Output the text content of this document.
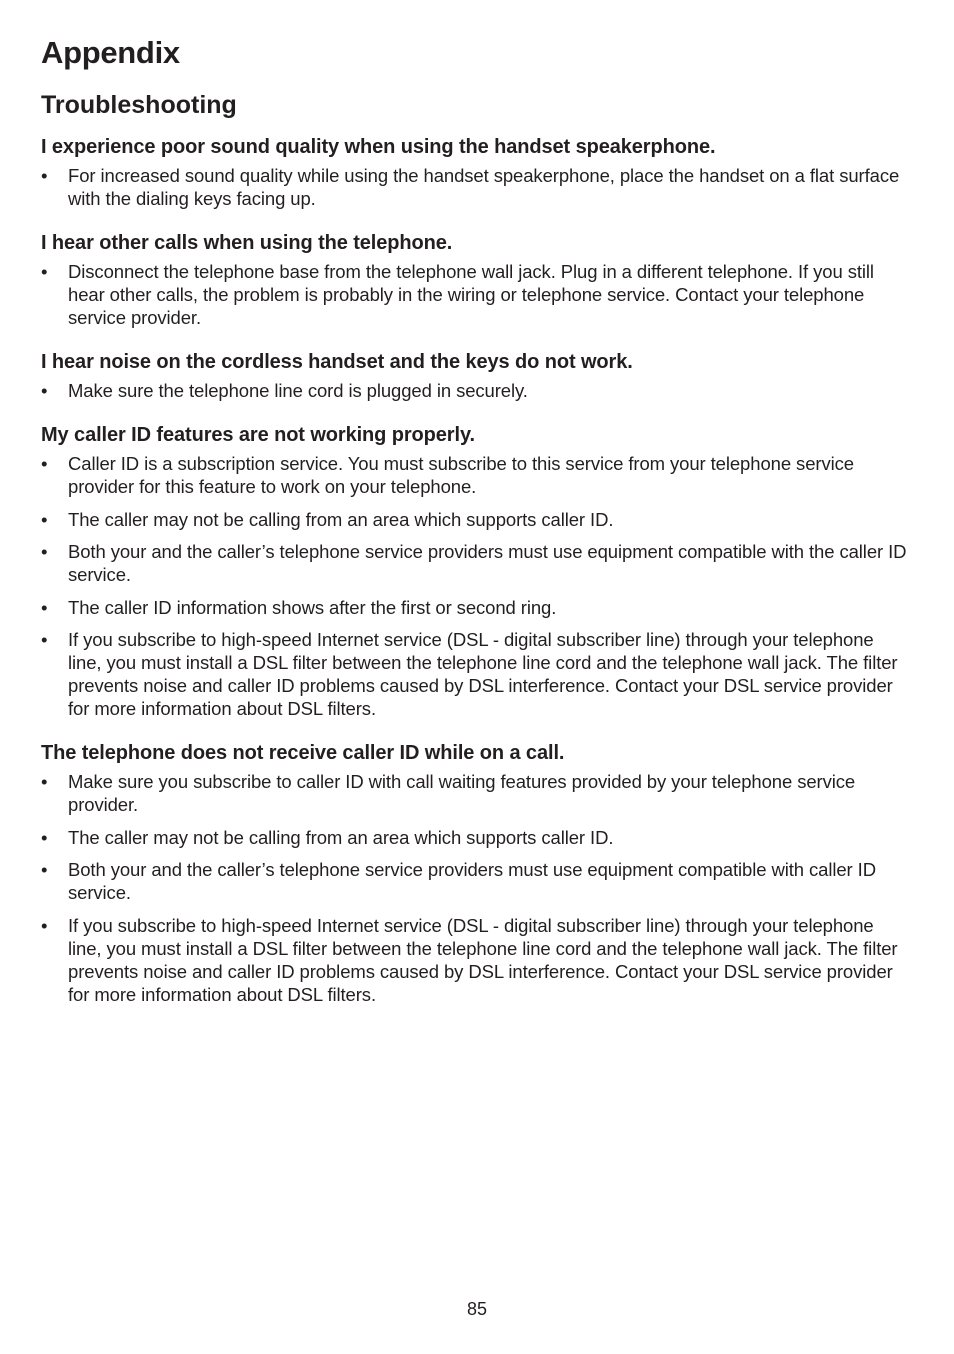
Appendix
Troubleshooting
I experience poor sound quality when using the handset speakerphone.
• For increased sound quality while using the handset speakerphone, place the handset on a flat surface with the dialing keys facing up.
I hear other calls when using the telephone.
• Disconnect the telephone base from the telephone wall jack. Plug in a different telephone. If you still hear other calls, the problem is probably in the wiring or telephone service. Contact your telephone service provider.
I hear noise on the cordless handset and the keys do not work.
• Make sure the telephone line cord is plugged in securely.
My caller ID features are not working properly.
• Caller ID is a subscription service. You must subscribe to this service from your telephone service provider for this feature to work on your telephone.
• The caller may not be calling from an area which supports caller ID.
• Both your and the caller’s telephone service providers must use equipment compatible with the caller ID service.
• The caller ID information shows after the first or second ring.
• If you subscribe to high-speed Internet service (DSL - digital subscriber line) through your telephone line, you must install a DSL filter between the telephone line cord and the telephone wall jack. The filter prevents noise and caller ID problems caused by DSL interference. Contact your DSL service provider for more information about DSL filters.
The telephone does not receive caller ID while on a call.
• Make sure you subscribe to caller ID with call waiting features provided by your telephone service provider.
• The caller may not be calling from an area which supports caller ID.
• Both your and the caller’s telephone service providers must use equipment compatible with caller ID service.
• If you subscribe to high-speed Internet service (DSL - digital subscriber line) through your telephone line, you must install a DSL filter between the telephone line cord and the telephone wall jack. The filter prevents noise and caller ID problems caused by DSL interference. Contact your DSL service provider for more information about DSL filters.
85
